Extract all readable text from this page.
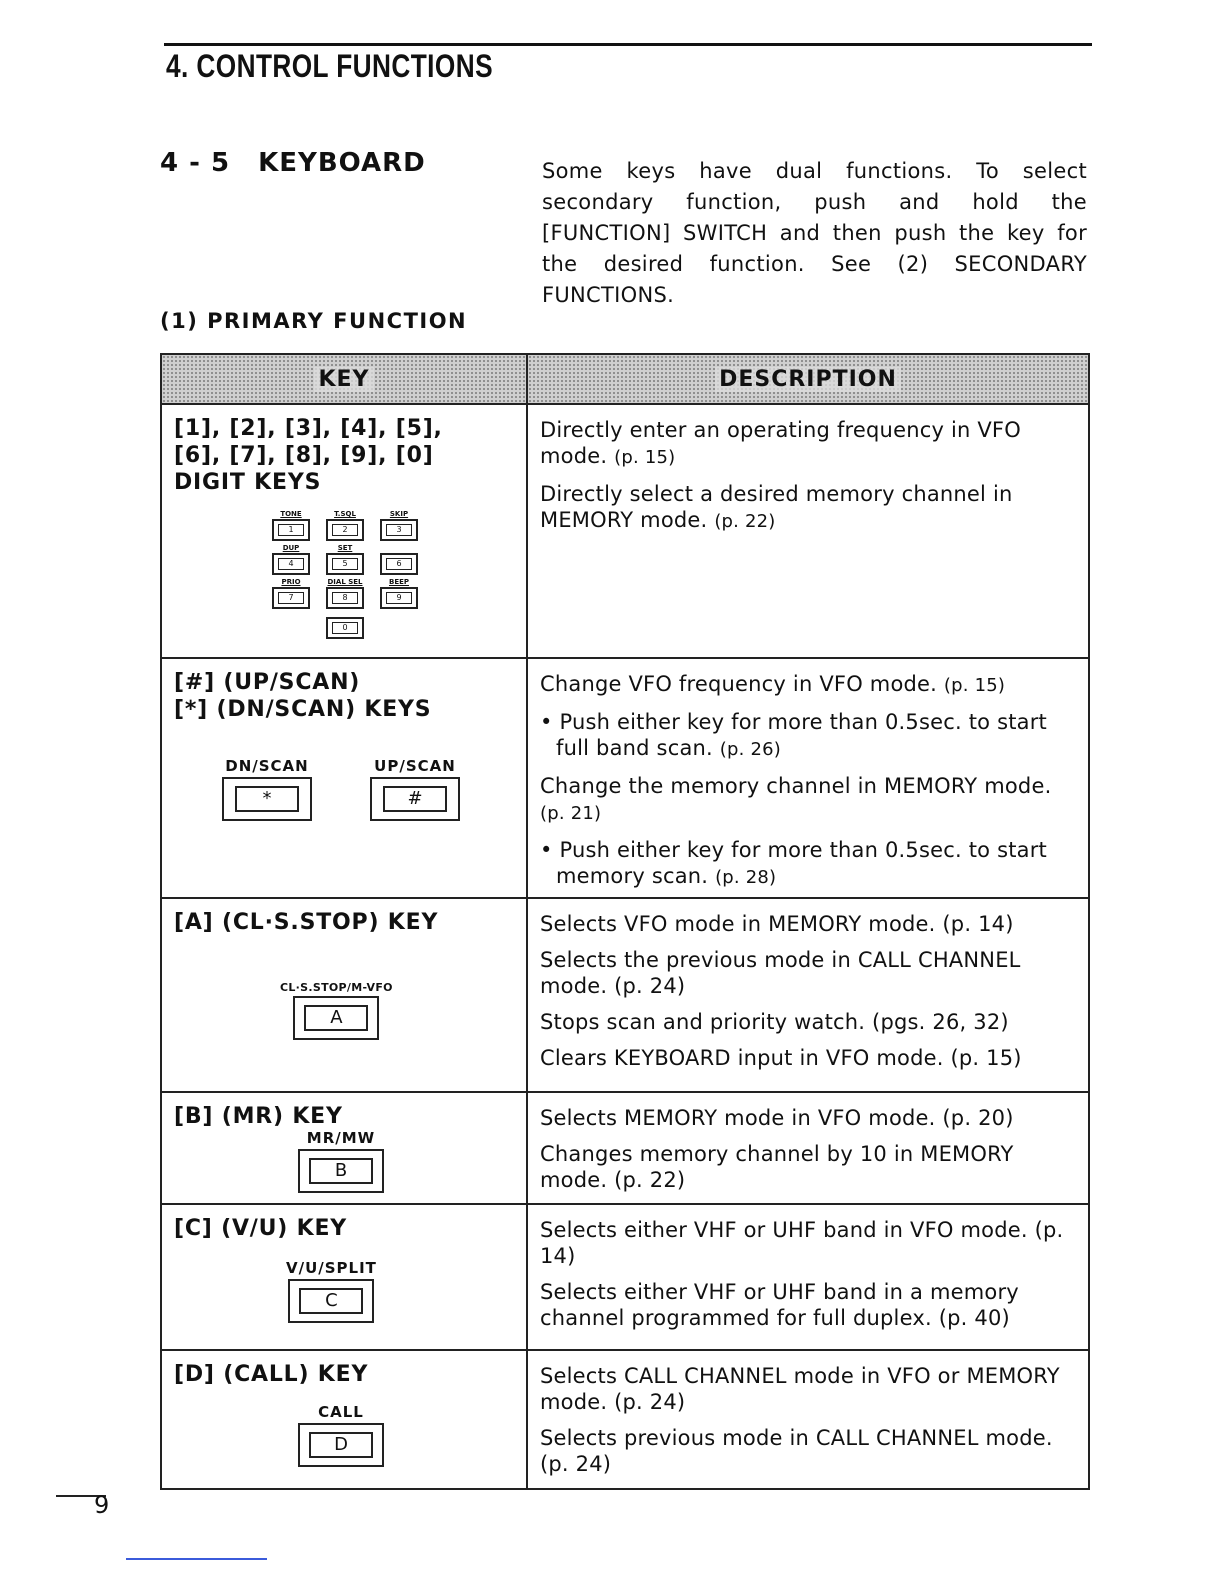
4. CONTROL FUNCTIONS
4 - 5 KEYBOARD	Some keys have dual functions. To select secondary function, push and hold the [FUNCTION] SWITCH and then push the key for the desired function. See (2) SECONDARY FUNCTIONS.
(1) PRIMARY FUNCTION
KEY	DESCRIPTION
[1], [2], [3], [4], [5],
[6], [7], [8], [9], [0]
DIGIT KEYS
TONE
1
T.SQL
2
SKIP
3
DUP
4
SET
5	6
PRIO
7
DIAL SEL
8
BEEP
9
0

Directly enter an operating frequency in VFO mode. (p. 15)

Directly select a desired memory channel in MEMORY mode. (p. 22)

[#] (UP/SCAN)
[*] (DN/SCAN) KEYS
DN/SCAN
*
UP/SCAN
#

Change VFO frequency in VFO mode. (p. 15)

• Push either key for more than 0.5sec. to start full band scan. (p. 26)

Change the memory channel in MEMORY mode. (p. 21)

• Push either key for more than 0.5sec. to start memory scan. (p. 28)

[A] (CL·S.STOP) KEY
CL·S.STOP/M-VFO
A

Selects VFO mode in MEMORY mode. (p. 14)

Selects the previous mode in CALL CHANNEL mode. (p. 24)

Stops scan and priority watch. (pgs. 26, 32)

Clears KEYBOARD input in VFO mode. (p. 15)

[B] (MR) KEY
MR/MW
B

Selects MEMORY mode in VFO mode. (p. 20)

Changes memory channel by 10 in MEMORY mode. (p. 22)

[C] (V/U) KEY
V/U/SPLIT
C

Selects either VHF or UHF band in VFO mode. (p. 14)

Selects either VHF or UHF band in a memory channel programmed for full duplex. (p. 40)

[D] (CALL) KEY
CALL
D

Selects CALL CHANNEL mode in VFO or MEMORY mode. (p. 24)

Selects previous mode in CALL CHANNEL mode. (p. 24)

9
